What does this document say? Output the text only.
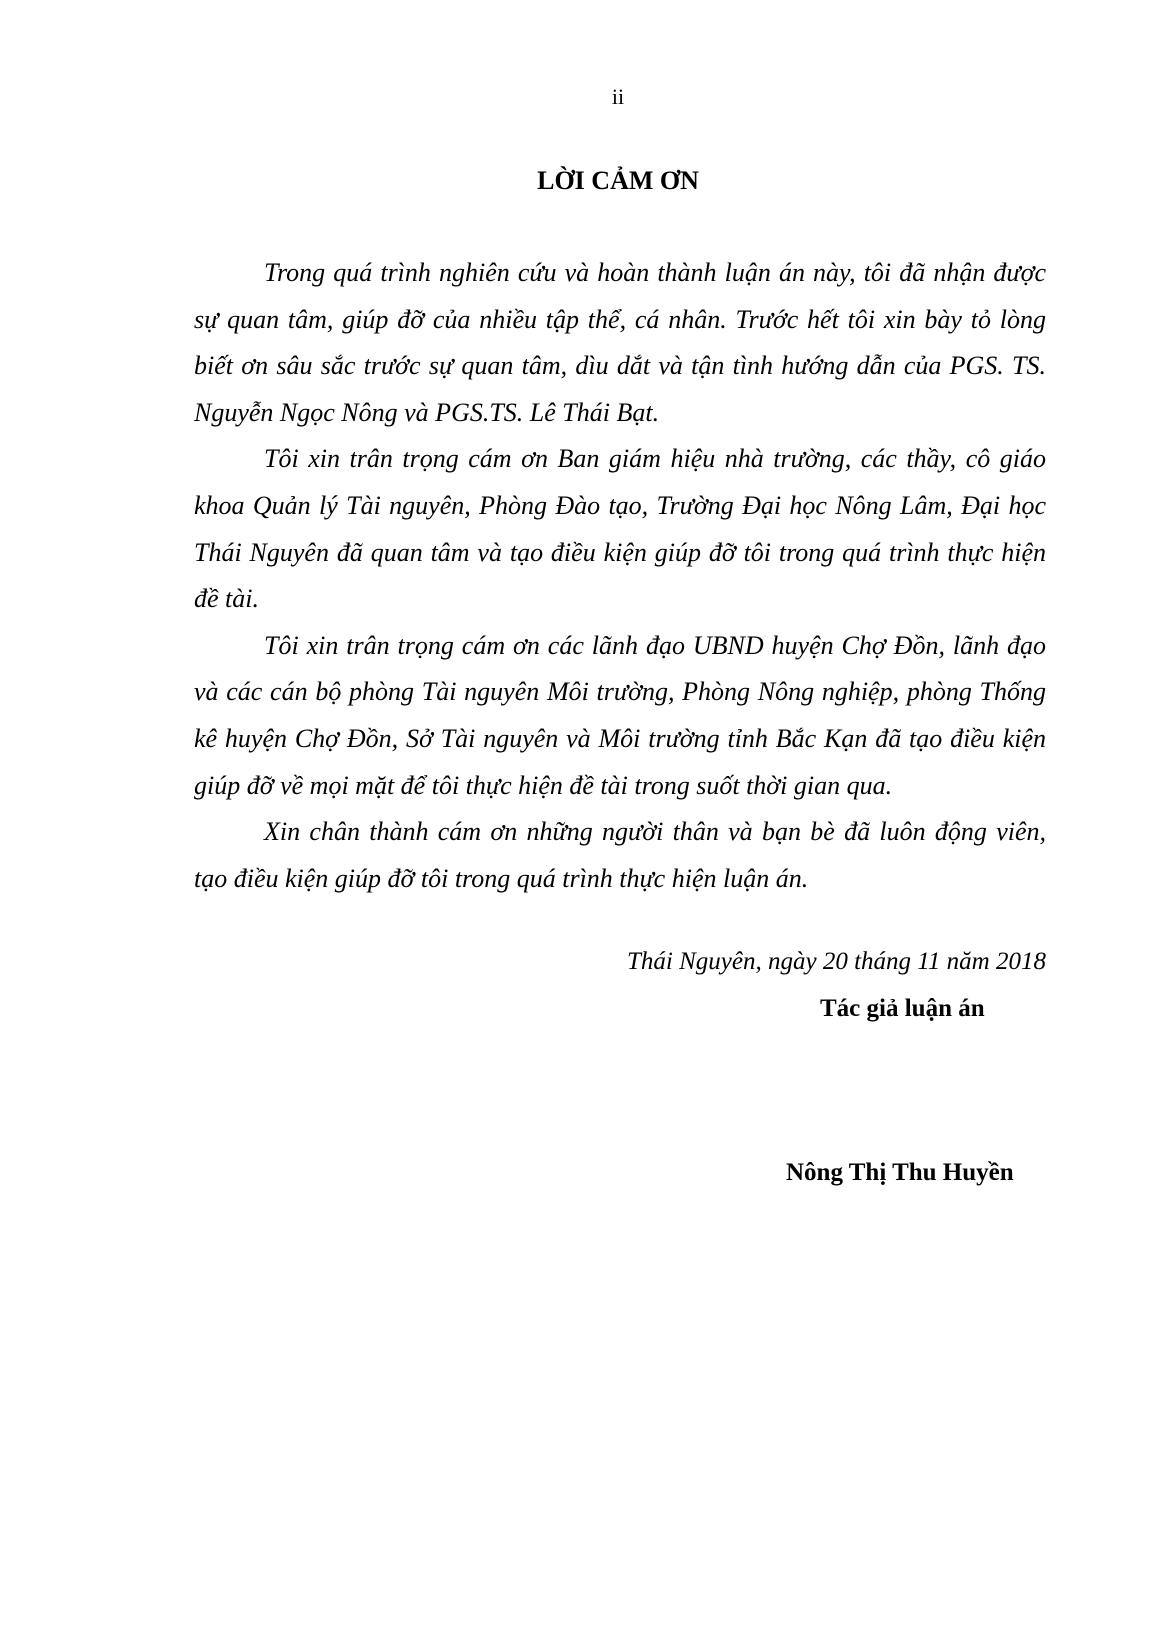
ii
LỜI CẢM ƠN

Trong quá trình nghiên cứu và hoàn thành luận án này, tôi đã nhận được sự quan tâm, giúp đỡ của nhiều tập thể, cá nhân. Trước hết tôi xin bày tỏ lòng biết ơn sâu sắc trước sự quan tâm, dìu dắt và tận tình hướng dẫn của PGS. TS. Nguyễn Ngọc Nông và PGS.TS. Lê Thái Bạt.

Tôi xin trân trọng cám ơn Ban giám hiệu nhà trường, các thầy, cô giáo khoa Quản lý Tài nguyên, Phòng Đào tạo, Trường Đại học Nông Lâm, Đại học Thái Nguyên đã quan tâm và tạo điều kiện giúp đỡ tôi trong quá trình thực hiện đề tài.

Tôi xin trân trọng cám ơn các lãnh đạo UBND huyện Chợ Đồn, lãnh đạo và các cán bộ phòng Tài nguyên Môi trường, Phòng Nông nghiệp, phòng Thống kê huyện Chợ Đồn, Sở Tài nguyên và Môi trường tỉnh Bắc Kạn đã tạo điều kiện giúp đỡ về mọi mặt để tôi thực hiện đề tài trong suốt thời gian qua.

Xin chân thành cám ơn những người thân và bạn bè đã luôn động viên, tạo điều kiện giúp đỡ tôi trong quá trình thực hiện luận án.

Thái Nguyên, ngày 20 tháng 11 năm 2018
Tác giả luận án
Nông Thị Thu Huyền
